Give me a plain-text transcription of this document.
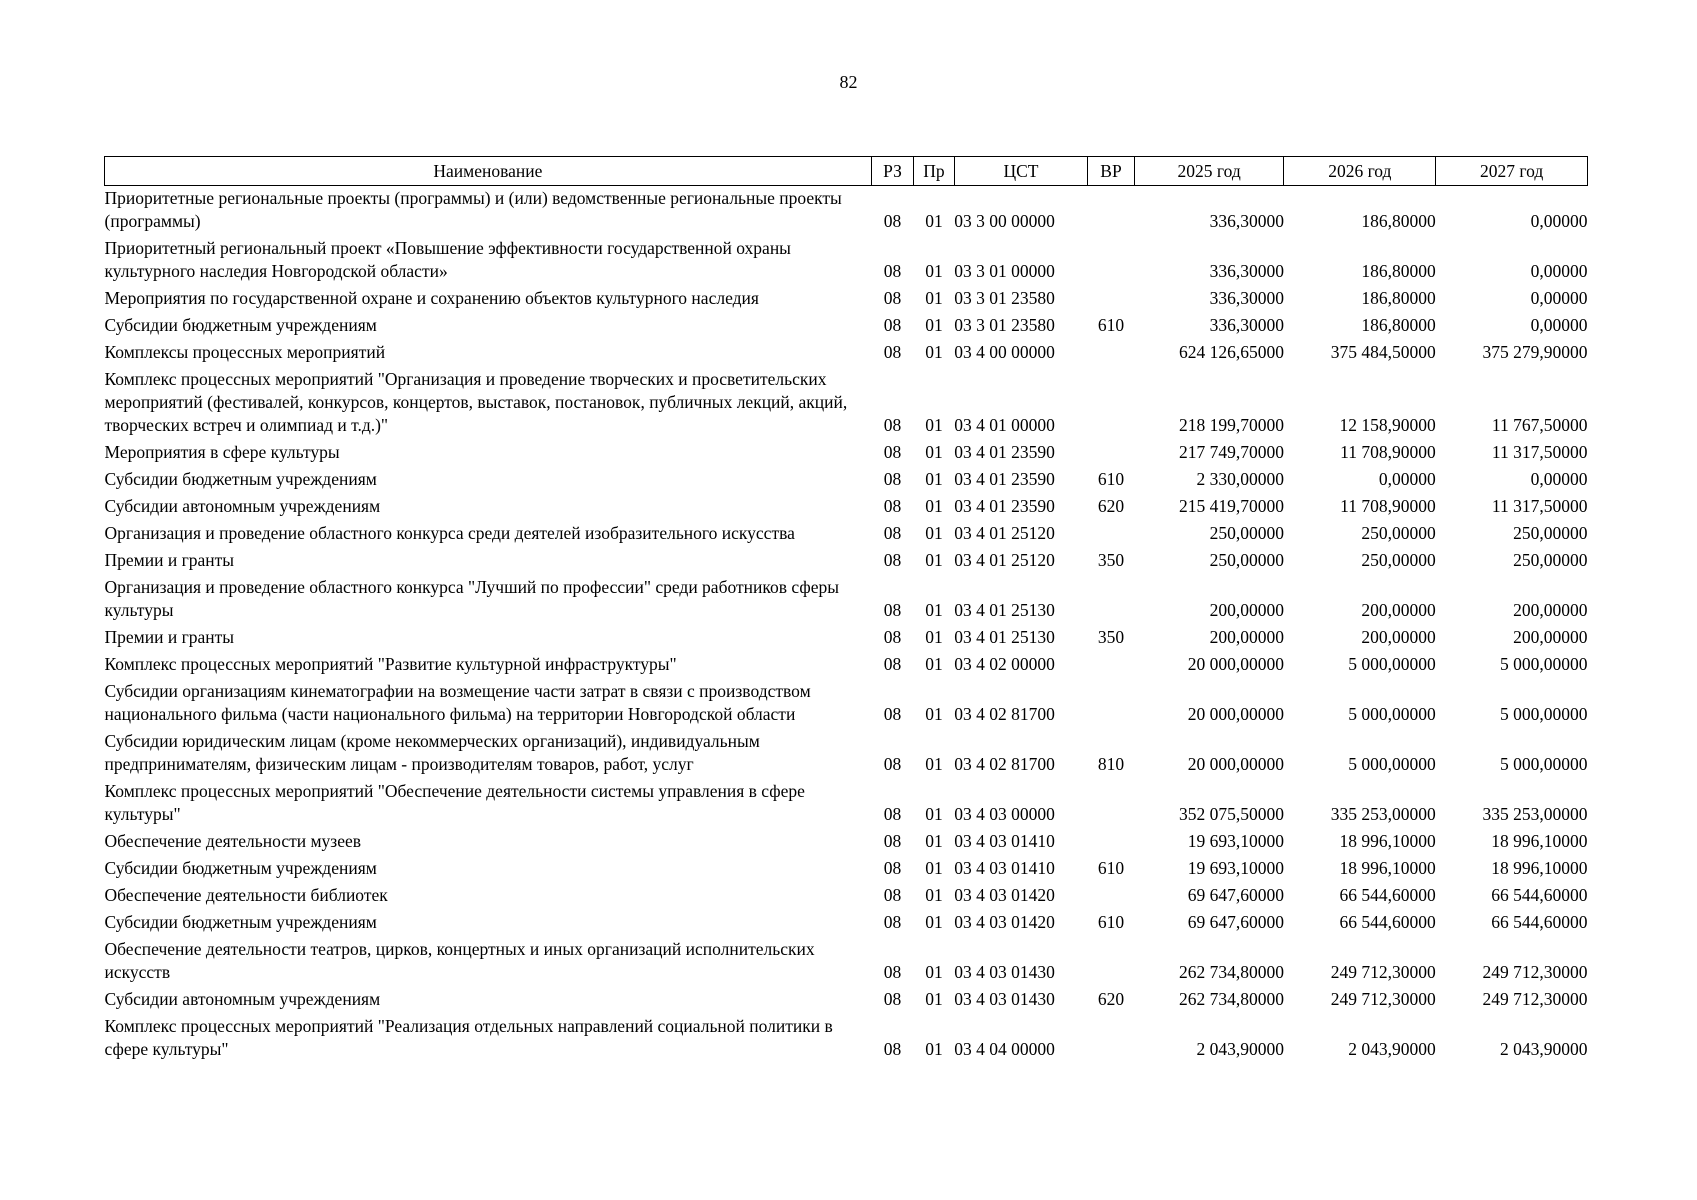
82
Наименование	РЗ	Пр	ЦСТ	ВР	2025 год	2026 год	2027 год
Приоритетные региональные проекты (программы) и (или) ведомственные региональные проекты (программы)	08	01	03 3 00 00000		336,30000	186,80000	0,00000
Приоритетный региональный проект «Повышение эффективности государственной охраны культурного наследия Новгородской области»	08	01	03 3 01 00000		336,30000	186,80000	0,00000
Мероприятия по государственной охране и сохранению объектов культурного наследия	08	01	03 3 01 23580		336,30000	186,80000	0,00000
Субсидии бюджетным учреждениям	08	01	03 3 01 23580	610	336,30000	186,80000	0,00000
Комплексы процессных мероприятий	08	01	03 4 00 00000		624 126,65000	375 484,50000	375 279,90000
Комплекс процессных мероприятий "Организация и проведение творческих и просветительских мероприятий (фестивалей, конкурсов, концертов, выставок, постановок, публичных лекций, акций, творческих встреч и олимпиад и т.д.)"	08	01	03 4 01 00000		218 199,70000	12 158,90000	11 767,50000
Мероприятия в сфере культуры	08	01	03 4 01 23590		217 749,70000	11 708,90000	11 317,50000
Субсидии бюджетным учреждениям	08	01	03 4 01 23590	610	2 330,00000	0,00000	0,00000
Субсидии автономным учреждениям	08	01	03 4 01 23590	620	215 419,70000	11 708,90000	11 317,50000
Организация и проведение областного конкурса среди деятелей изобразительного искусства	08	01	03 4 01 25120		250,00000	250,00000	250,00000
Премии и гранты	08	01	03 4 01 25120	350	250,00000	250,00000	250,00000
Организация и проведение областного конкурса "Лучший по профессии" среди работников сферы культуры	08	01	03 4 01 25130		200,00000	200,00000	200,00000
Премии и гранты	08	01	03 4 01 25130	350	200,00000	200,00000	200,00000
Комплекс процессных мероприятий "Развитие культурной инфраструктуры"	08	01	03 4 02 00000		20 000,00000	5 000,00000	5 000,00000
Субсидии организациям кинематографии на возмещение части затрат в связи с производством национального фильма (части национального фильма) на территории Новгородской области	08	01	03 4 02 81700		20 000,00000	5 000,00000	5 000,00000
Субсидии юридическим лицам (кроме некоммерческих организаций), индивидуальным предпринимателям, физическим лицам - производителям товаров, работ, услуг	08	01	03 4 02 81700	810	20 000,00000	5 000,00000	5 000,00000
Комплекс процессных мероприятий "Обеспечение деятельности системы управления в сфере культуры"	08	01	03 4 03 00000		352 075,50000	335 253,00000	335 253,00000
Обеспечение деятельности музеев	08	01	03 4 03 01410		19 693,10000	18 996,10000	18 996,10000
Субсидии бюджетным учреждениям	08	01	03 4 03 01410	610	19 693,10000	18 996,10000	18 996,10000
Обеспечение деятельности библиотек	08	01	03 4 03 01420		69 647,60000	66 544,60000	66 544,60000
Субсидии бюджетным учреждениям	08	01	03 4 03 01420	610	69 647,60000	66 544,60000	66 544,60000
Обеспечение деятельности театров, цирков, концертных и иных организаций исполнительских искусств	08	01	03 4 03 01430		262 734,80000	249 712,30000	249 712,30000
Субсидии автономным учреждениям	08	01	03 4 03 01430	620	262 734,80000	249 712,30000	249 712,30000
Комплекс процессных мероприятий "Реализация отдельных направлений социальной политики в сфере культуры"	08	01	03 4 04 00000		2 043,90000	2 043,90000	2 043,90000
